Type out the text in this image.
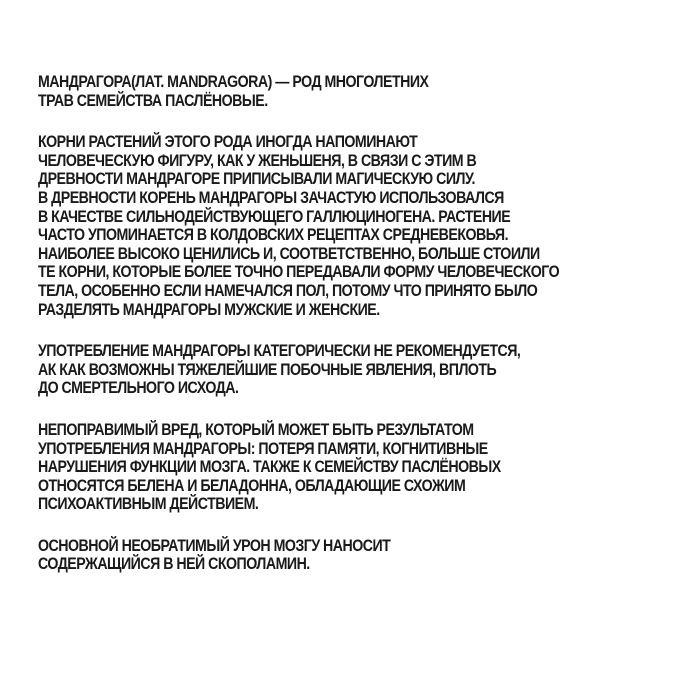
МАНДРАГОРА(ЛАТ. MANDRAGORA) — РОД МНОГОЛЕТНИХ
ТРАВ СЕМЕЙСТВА ПАСЛЁНОВЫЕ.
КОРНИ РАСТЕНИЙ ЭТОГО РОДА ИНОГДА НАПОМИНАЮТ
ЧЕЛОВЕЧЕСКУЮ ФИГУРУ, КАК У ЖЕНЬШЕНЯ, В СВЯЗИ С ЭТИМ В
ДРЕВНОСТИ МАНДРАГОРЕ ПРИПИСЫВАЛИ МАГИЧЕСКУЮ СИЛУ.
В ДРЕВНОСТИ КОРЕНЬ МАНДРАГОРЫ ЗАЧАСТУЮ ИСПОЛЬЗОВАЛСЯ
В КАЧЕСТВЕ СИЛЬНОДЕЙСТВУЮЩЕГО ГАЛЛЮЦИНОГЕНА. РАСТЕНИЕ
ЧАСТО УПОМИНАЕТСЯ В КОЛДОВСКИХ РЕЦЕПТАХ СРЕДНЕВЕКОВЬЯ.
НАИБОЛЕЕ ВЫСОКО ЦЕНИЛИСЬ И, СООТВЕТСТВЕННО, БОЛЬШЕ СТОИЛИ
ТЕ КОРНИ, КОТОРЫЕ БОЛЕЕ ТОЧНО ПЕРЕДАВАЛИ ФОРМУ ЧЕЛОВЕЧЕСКОГО
ТЕЛА, ОСОБЕННО ЕСЛИ НАМЕЧАЛСЯ ПОЛ, ПОТОМУ ЧТО ПРИНЯТО БЫЛО
РАЗДЕЛЯТЬ МАНДРАГОРЫ МУЖСКИЕ И ЖЕНСКИЕ.
УПОТРЕБЛЕНИЕ МАНДРАГОРЫ КАТЕГОРИЧЕСКИ НЕ РЕКОМЕНДУЕТСЯ,
АК КАК ВОЗМОЖНЫ ТЯЖЕЛЕЙШИЕ ПОБОЧНЫЕ ЯВЛЕНИЯ, ВПЛОТЬ
ДО СМЕРТЕЛЬНОГО ИСХОДА.
НЕПОПРАВИМЫЙ ВРЕД, КОТОРЫЙ МОЖЕТ БЫТЬ РЕЗУЛЬТАТОМ
УПОТРЕБЛЕНИЯ МАНДРАГОРЫ: ПОТЕРЯ ПАМЯТИ, КОГНИТИВНЫЕ
НАРУШЕНИЯ ФУНКЦИИ МОЗГА. ТАКЖЕ К СЕМЕЙСТВУ ПАСЛЁНОВЫХ
ОТНОСЯТСЯ БЕЛЕНА И БЕЛАДОННА, ОБЛАДАЮЩИЕ СХОЖИМ
ПСИХОАКТИВНЫМ ДЕЙСТВИЕМ.
ОСНОВНОЙ НЕОБРАТИМЫЙ УРОН МОЗГУ НАНОСИТ
СОДЕРЖАЩИЙСЯ В НЕЙ СКОПОЛАМИН.
